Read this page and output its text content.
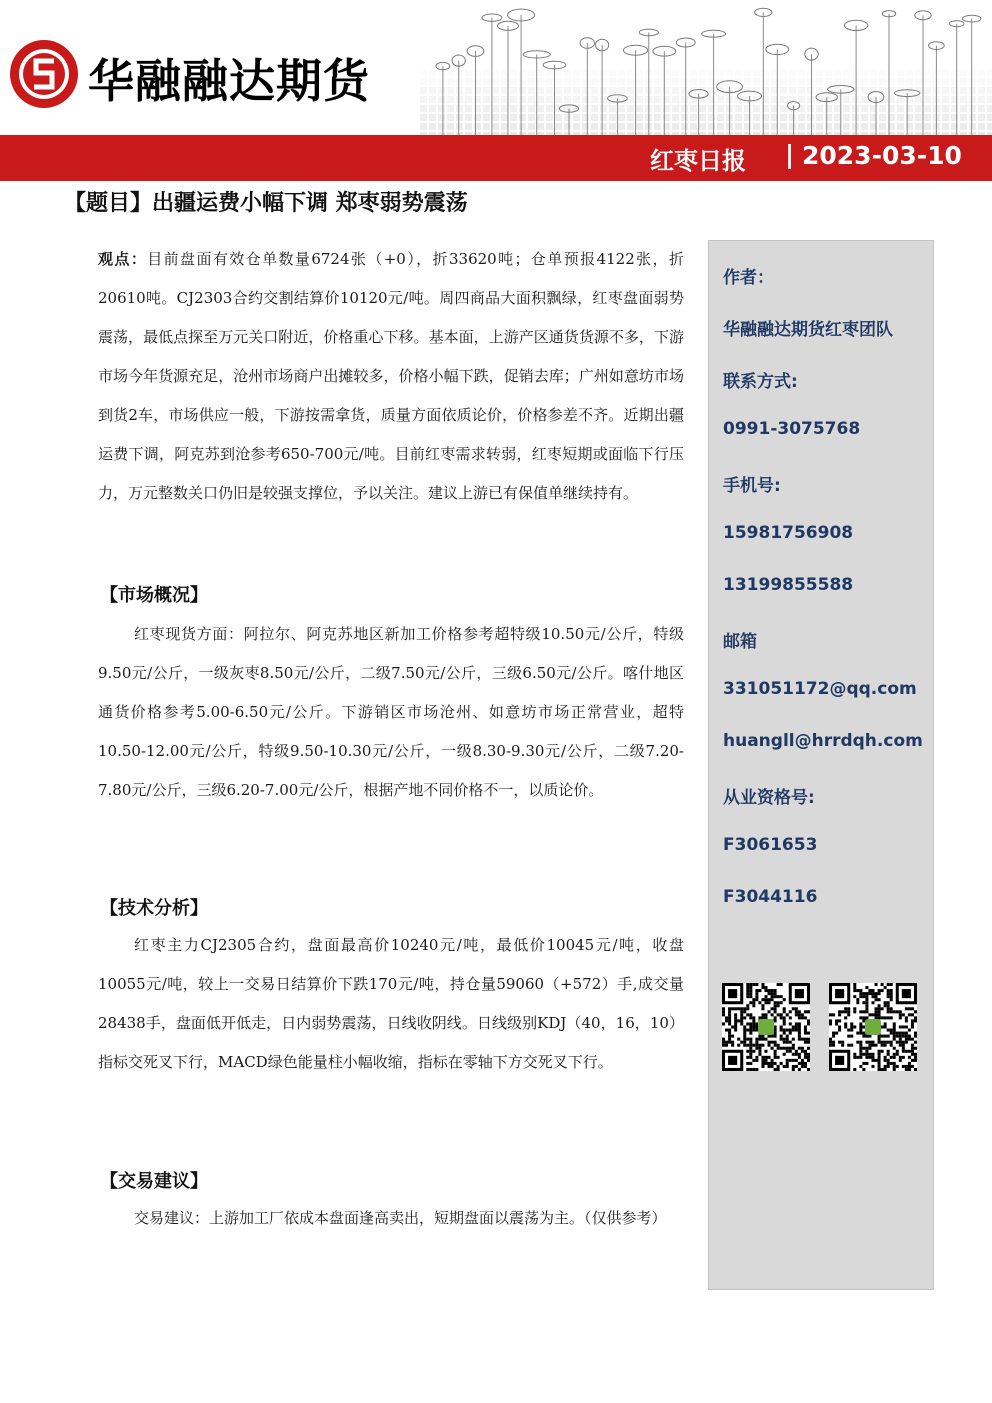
华融融达期货
红枣日报 | 2023-03-10
【题目】出疆运费小幅下调 郑枣弱势震荡

观点：目前盘面有效仓单数量6724张（+0），折33620吨；仓单预报4122张，折20610吨。CJ2303合约交割结算价10120元/吨。周四商品大面积飘绿，红枣盘面弱势震荡，最低点探至万元关口附近，价格重心下移。基本面，上游产区通货货源不多，下游市场今年货源充足，沧州市场商户出摊较多，价格小幅下跌，促销去库；广州如意坊市场到货2车，市场供应一般，下游按需拿货，质量方面依质论价，价格参差不齐。近期出疆运费下调，阿克苏到沧参考650-700元/吨。目前红枣需求转弱，红枣短期或面临下行压力，万元整数关口仍旧是较强支撑位，予以关注。建议上游已有保值单继续持有。

【市场概况】

红枣现货方面：阿拉尔、阿克苏地区新加工价格参考超特级10.50元/公斤，特级9.50元/公斤，一级灰枣8.50元/公斤，二级7.50元/公斤，三级6.50元/公斤。喀什地区通货价格参考5.00-6.50元/公斤。下游销区市场沧州、如意坊市场正常营业，超特10.50-12.00元/公斤，特级9.50-10.30元/公斤，一级8.30-9.30元/公斤，二级7.20-7.80元/公斤，三级6.20-7.00元/公斤，根据产地不同价格不一，以质论价。

【技术分析】

红枣主力CJ2305合约，盘面最高价10240元/吨，最低价10045元/吨，收盘10055元/吨，较上一交易日结算价下跌170元/吨，持仓量59060（+572）手,成交量28438手，盘面低开低走，日内弱势震荡，日线收阴线。日线级别KDJ（40，16，10）指标交死叉下行，MACD绿色能量柱小幅收缩，指标在零轴下方交死叉下行。

【交易建议】

交易建议：上游加工厂依成本盘面逢高卖出，短期盘面以震荡为主。（仅供参考）

作者：
华融融达期货红枣团队
联系方式:
0991-3075768
手机号:
15981756908
13199855588
邮箱
331051172@qq.com
huangll@hrrdqh.com
从业资格号:
F3061653
F3044116
